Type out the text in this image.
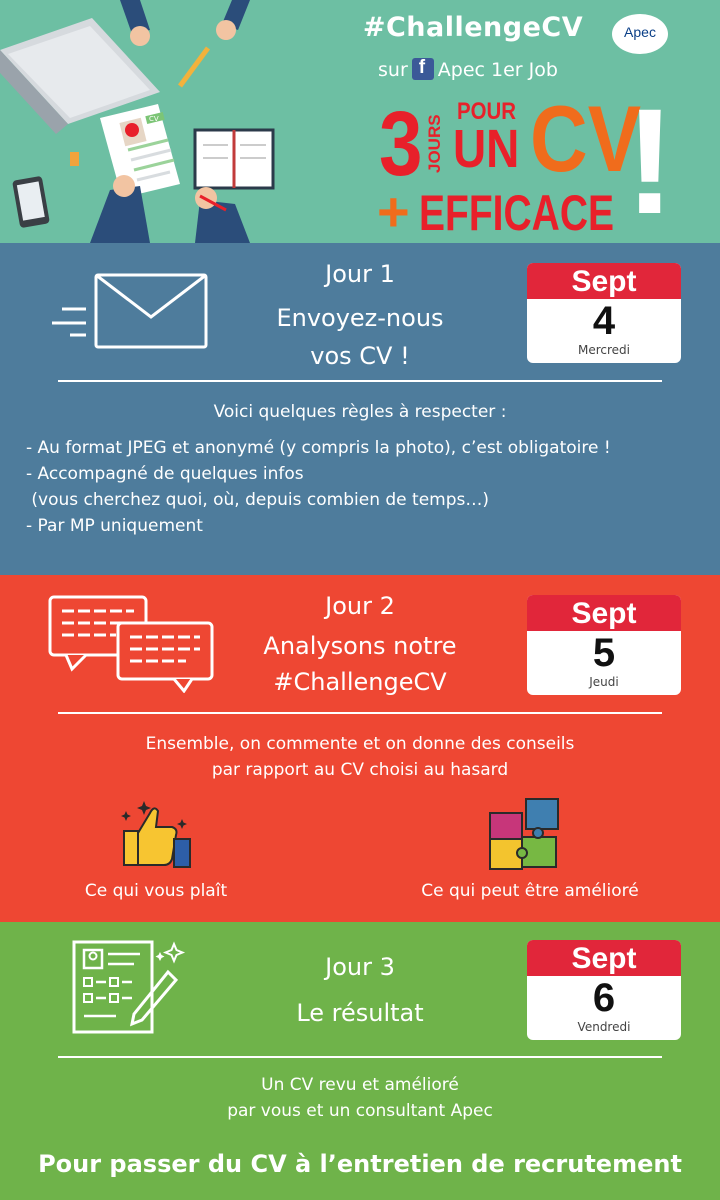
CV
#ChallengeCV	Apec
surf Apec 1er Job
3 JOURS
POUR
UN CV
+ EFFICACE !
Jour 1
Envoyez-nous
vos CV !
Sept
4
Mercredi
Voici quelques règles à respecter :
- Au format JPEG et anonymé (y compris la photo), c’est obligatoire !
- Accompagné de quelques infos
(vous cherchez quoi, où, depuis combien de temps…)
- Par MP uniquement
Jour 2
Analysons notre
#ChallengeCV
Sept
5
Jeudi
Ensemble, on commente et on donne des conseils
par rapport au CV choisi au hasard
Ce qui vous plaît	Ce qui peut être amélioré
Jour 3
Le résultat
Sept
6
Vendredi
Un CV revu et amélioré
par vous et un consultant Apec
Pour passer du CV à l’entretien de recrutement
